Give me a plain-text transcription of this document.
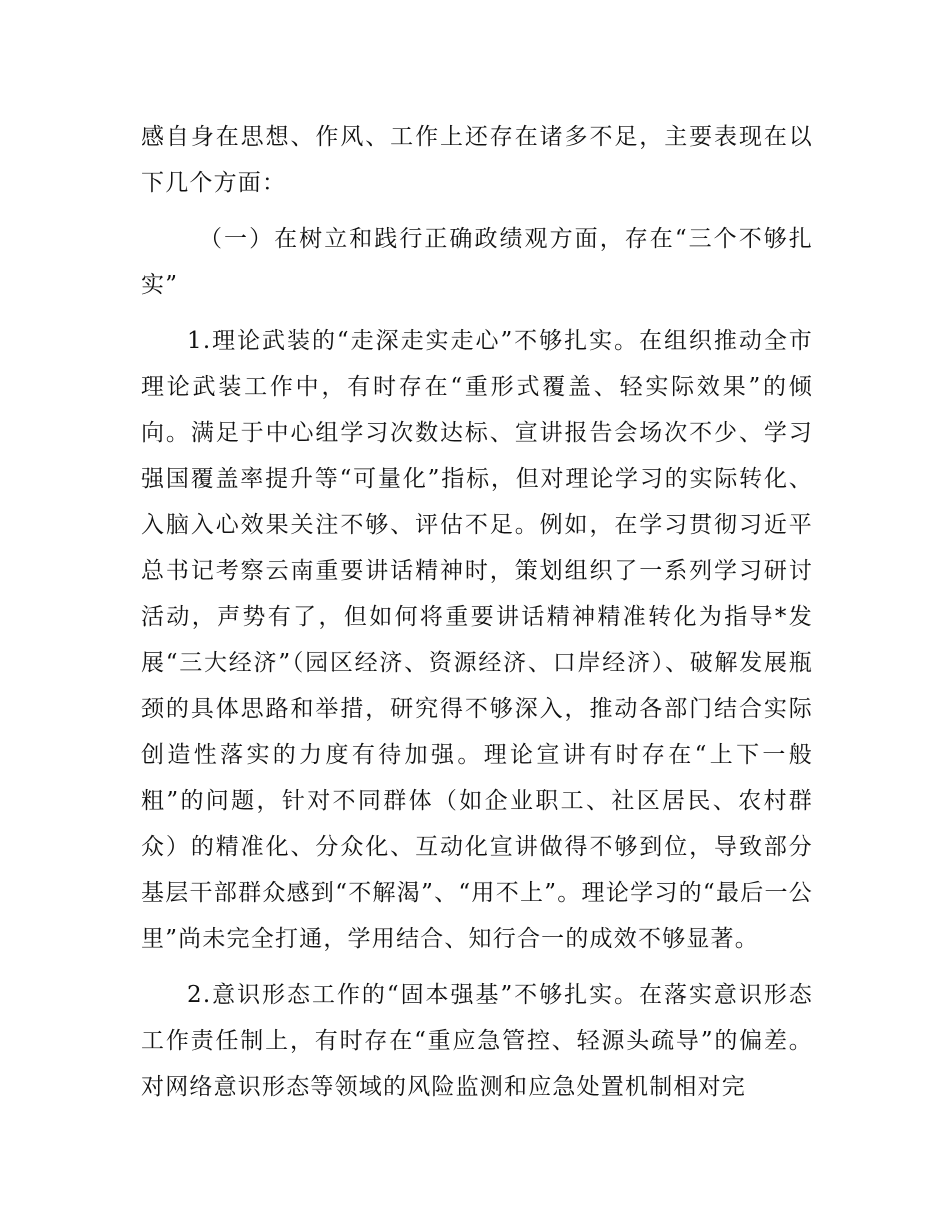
感自身在思想、作风、工作上还存在诸多不足，主要表现在以下几个方面：

（一）在树立和践行正确政绩观方面，存在“三个不够扎实”

1.理论武装的“走深走实走心”不够扎实。在组织推动全市理论武装工作中，有时存在“重形式覆盖、轻实际效果”的倾向。满足于中心组学习次数达标、宣讲报告会场次不少、学习强国覆盖率提升等“可量化”指标，但对理论学习的实际转化、入脑入心效果关注不够、评估不足。例如，在学习贯彻习近平总书记考察云南重要讲话精神时，策划组织了一系列学习研讨活动，声势有了，但如何将重要讲话精神精准转化为指导*发展“三大经济”（园区经济、资源经济、口岸经济）、破解发展瓶颈的具体思路和举措，研究得不够深入，推动各部门结合实际创造性落实的力度有待加强。理论宣讲有时存在“上下一般粗”的问题，针对不同群体（如企业职工、社区居民、农村群众）的精准化、分众化、互动化宣讲做得不够到位，导致部分基层干部群众感到“不解渴”、“用不上”。理论学习的“最后一公里”尚未完全打通，学用结合、知行合一的成效不够显著。

2.意识形态工作的“固本强基”不够扎实。在落实意识形态工作责任制上，有时存在“重应急管控、轻源头疏导”的偏差。对网络意识形态等领域的风险监测和应急处置机制相对完
